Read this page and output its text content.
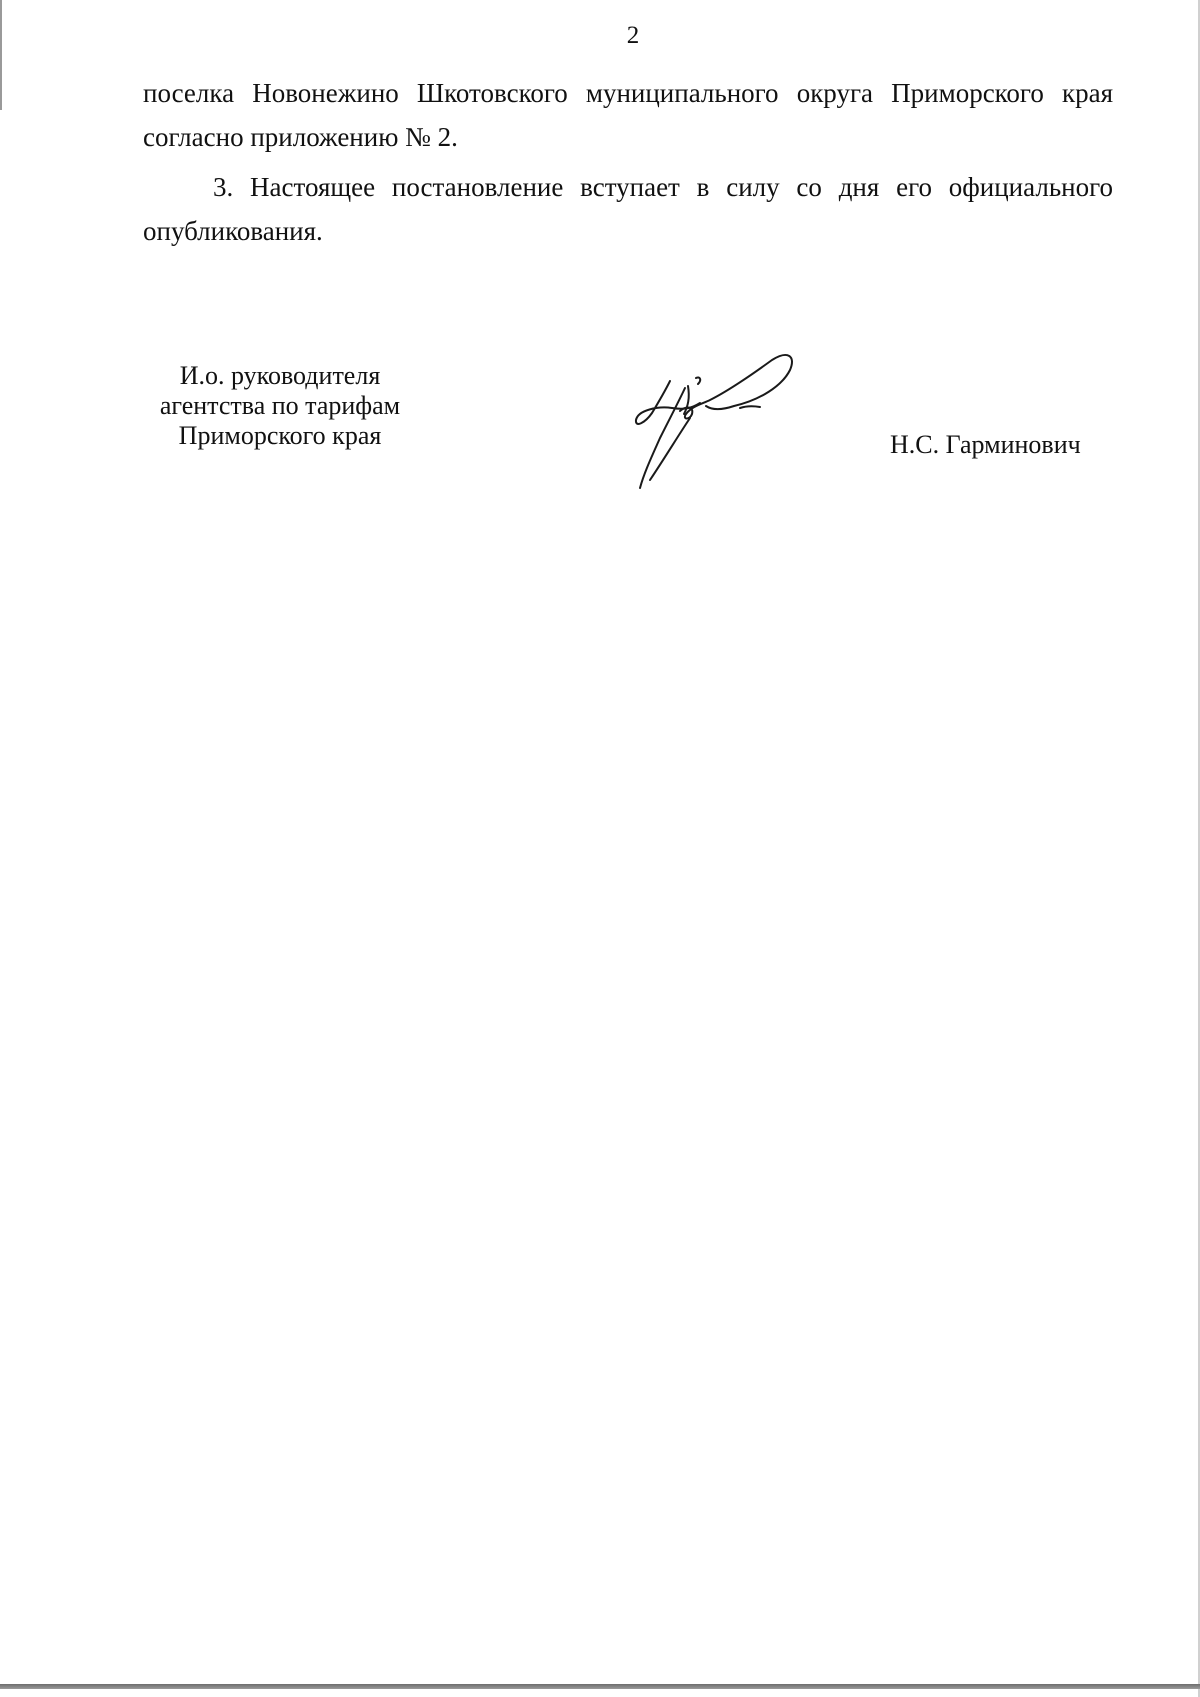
2
поселка Новонежино Шкотовского муниципального округа Приморского края
согласно приложению № 2.
3. Настоящее постановление вступает в силу со дня его официального
опубликования.
И.о. руководителя
агентства по тарифам
Приморского края	Н.С. Гарминович
